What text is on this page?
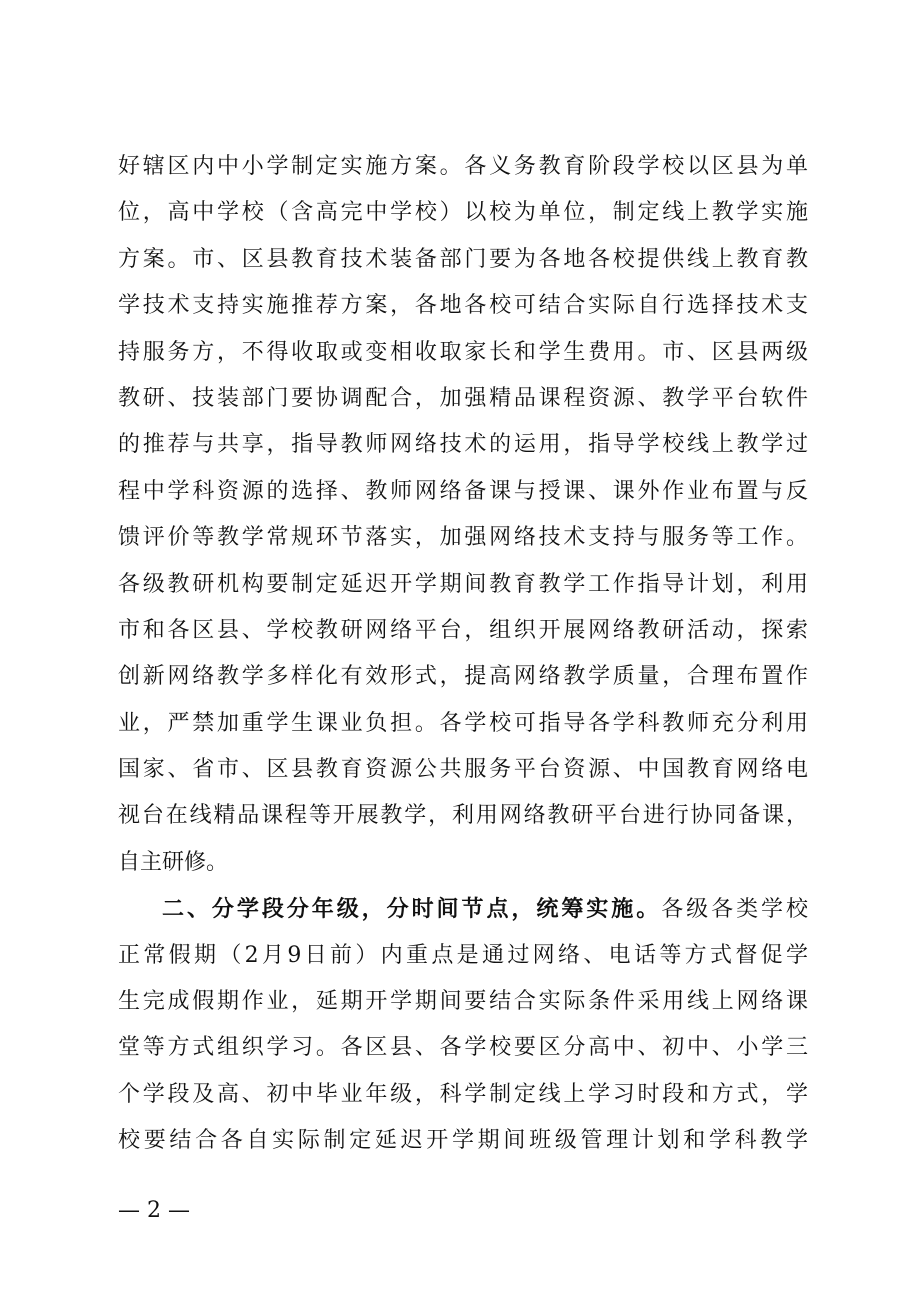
好辖区内中小学制定实施方案。各义务教育阶段学校以区县为单
位，高中学校（含高完中学校）以校为单位，制定线上教学实施
方案。市、区县教育技术装备部门要为各地各校提供线上教育教
学技术支持实施推荐方案，各地各校可结合实际自行选择技术支
持服务方，不得收取或变相收取家长和学生费用。市、区县两级
教研、技装部门要协调配合，加强精品课程资源、教学平台软件
的推荐与共享，指导教师网络技术的运用，指导学校线上教学过
程中学科资源的选择、教师网络备课与授课、课外作业布置与反
馈评价等教学常规环节落实，加强网络技术支持与服务等工作。
各级教研机构要制定延迟开学期间教育教学工作指导计划，利用
市和各区县、学校教研网络平台，组织开展网络教研活动，探索
创新网络教学多样化有效形式，提高网络教学质量，合理布置作
业，严禁加重学生课业负担。各学校可指导各学科教师充分利用
国家、省市、区县教育资源公共服务平台资源、中国教育网络电
视台在线精品课程等开展教学，利用网络教研平台进行协同备课，
自主研修。
二、分学段分年级，分时间节点，统筹实施。各级各类学校
正常假期（2月9日前）内重点是通过网络、电话等方式督促学
生完成假期作业，延期开学期间要结合实际条件采用线上网络课
堂等方式组织学习。各区县、各学校要区分高中、初中、小学三
个学段及高、初中毕业年级，科学制定线上学习时段和方式，学
校要结合各自实际制定延迟开学期间班级管理计划和学科教学
— 2 —
